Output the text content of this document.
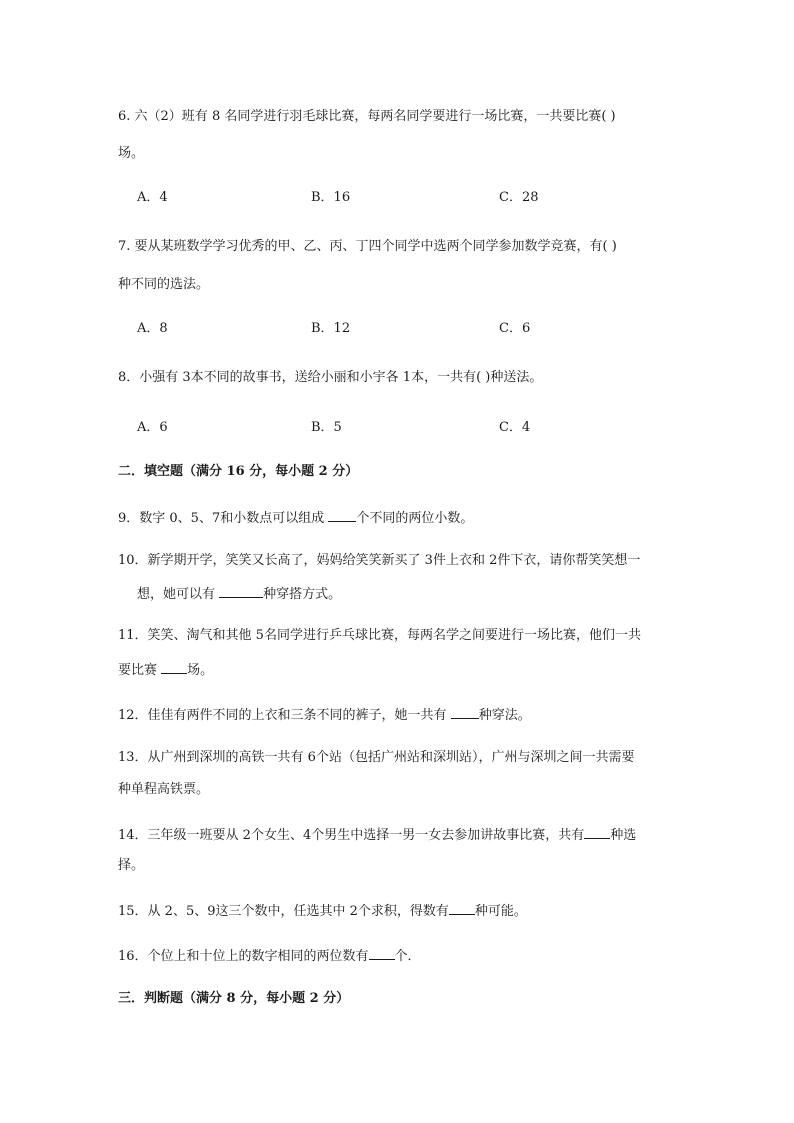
6. 六（2）班有 8 名同学进行羽毛球比赛，每两名同学要进行一场比赛，一共要比赛( )
场。
A．4	B．16	C．28
7. 要从某班数学学习优秀的甲、乙、丙、丁四个同学中选两个同学参加数学竞赛，有( )
种不同的选法。
A．8	B．12	C．6
8．小强有 3本不同的故事书，送给小丽和小宇各 1本，一共有( )种送法。
A．6	B．5	C．4
二．填空题（满分 16 分，每小题 2 分）
9．数字 0、5、7和小数点可以组成 个不同的两位小数。
10．新学期开学，笑笑又长高了，妈妈给笑笑新买了 3件上衣和 2件下衣，请你帮笑笑想一
想，她可以有	种穿搭方式。
11．笑笑、淘气和其他 5名同学进行乒乓球比赛，每两名学之间要进行一场比赛，他们一共
要比赛 场。
12．佳佳有两件不同的上衣和三条不同的裤子，她一共有 种穿法。
13．从广州到深圳的高铁一共有 6个站（包括广州站和深圳站），广州与深圳之间一共需要
种单程高铁票。
14．三年级一班要从 2个女生、4个男生中选择一男一女去参加讲故事比赛，共有 种选
择。
15．从 2、5、9这三个数中，任选其中 2个求积，得数有 种可能。
16．个位上和十位上的数字相同的两位数有 个．
三．判断题（满分 8 分，每小题 2 分）
